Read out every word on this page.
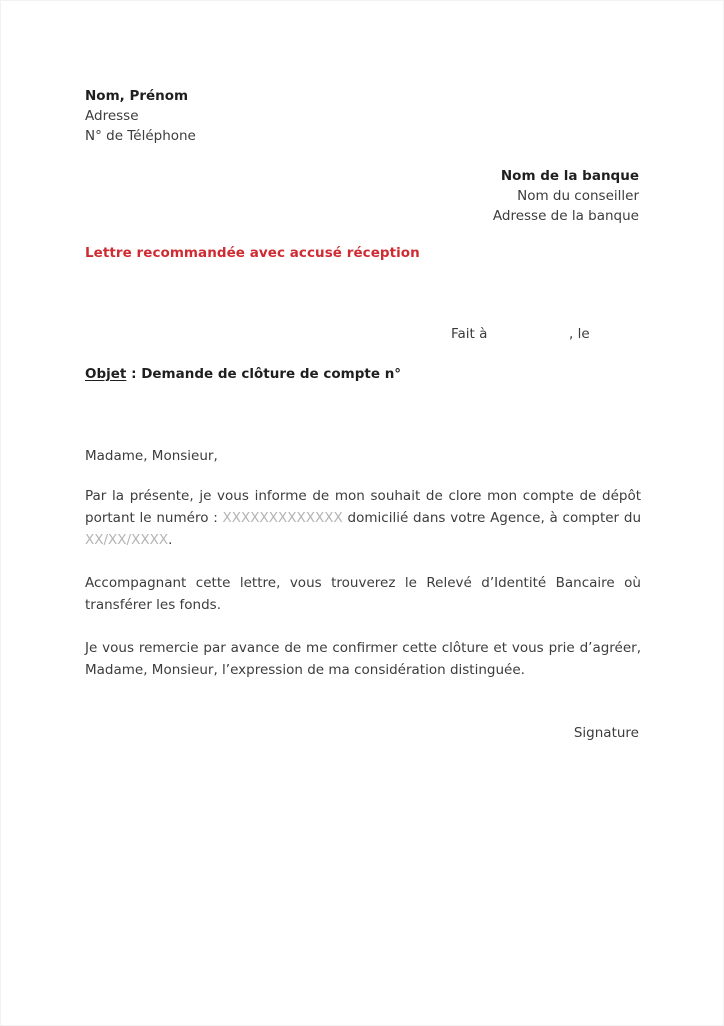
Nom, Prénom
Adresse
N° de Téléphone
Nom de la banque
Nom du conseiller
Adresse de la banque
Lettre recommandée avec accusé réception
Fait à	, le
Objet : Demande de clôture de compte n°

Madame, Monsieur,

Par la présente, je vous informe de mon souhait de clore mon compte de dépôt portant le numéro : XXXXXXXXXXXXX domicilié dans votre Agence, à compter du XX/XX/XXXX.

Accompagnant cette lettre, vous trouverez le Relevé d’Identité Bancaire où transférer les fonds.

Je vous remercie par avance de me confirmer cette clôture et vous prie d’agréer, Madame, Monsieur, l’expression de ma considération distinguée.

Signature
